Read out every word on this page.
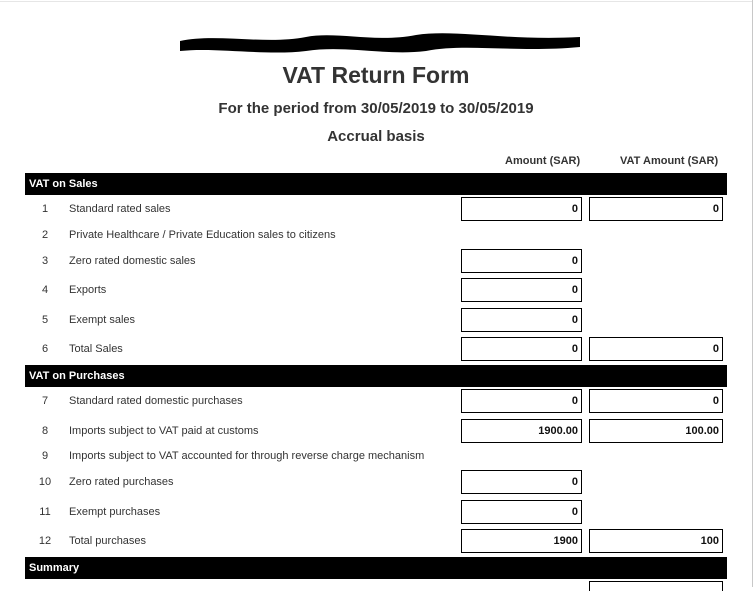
VAT Return Form
For the period from 30/05/2019 to 30/05/2019
Accrual basis
Amount (SAR)	VAT Amount (SAR)
VAT on Sales
1	Standard rated sales	0	0
2	Private Healthcare / Private Education sales to citizens
3	Zero rated domestic sales	0
4	Exports	0
5	Exempt sales	0
6	Total Sales	0	0
VAT on Purchases
7	Standard rated domestic purchases	0	0
8	Imports subject to VAT paid at customs	1900.00	100.00
9	Imports subject to VAT accounted for through reverse charge mechanism
10	Zero rated purchases	0
11	Exempt purchases	0
12	Total purchases	1900	100
Summary
